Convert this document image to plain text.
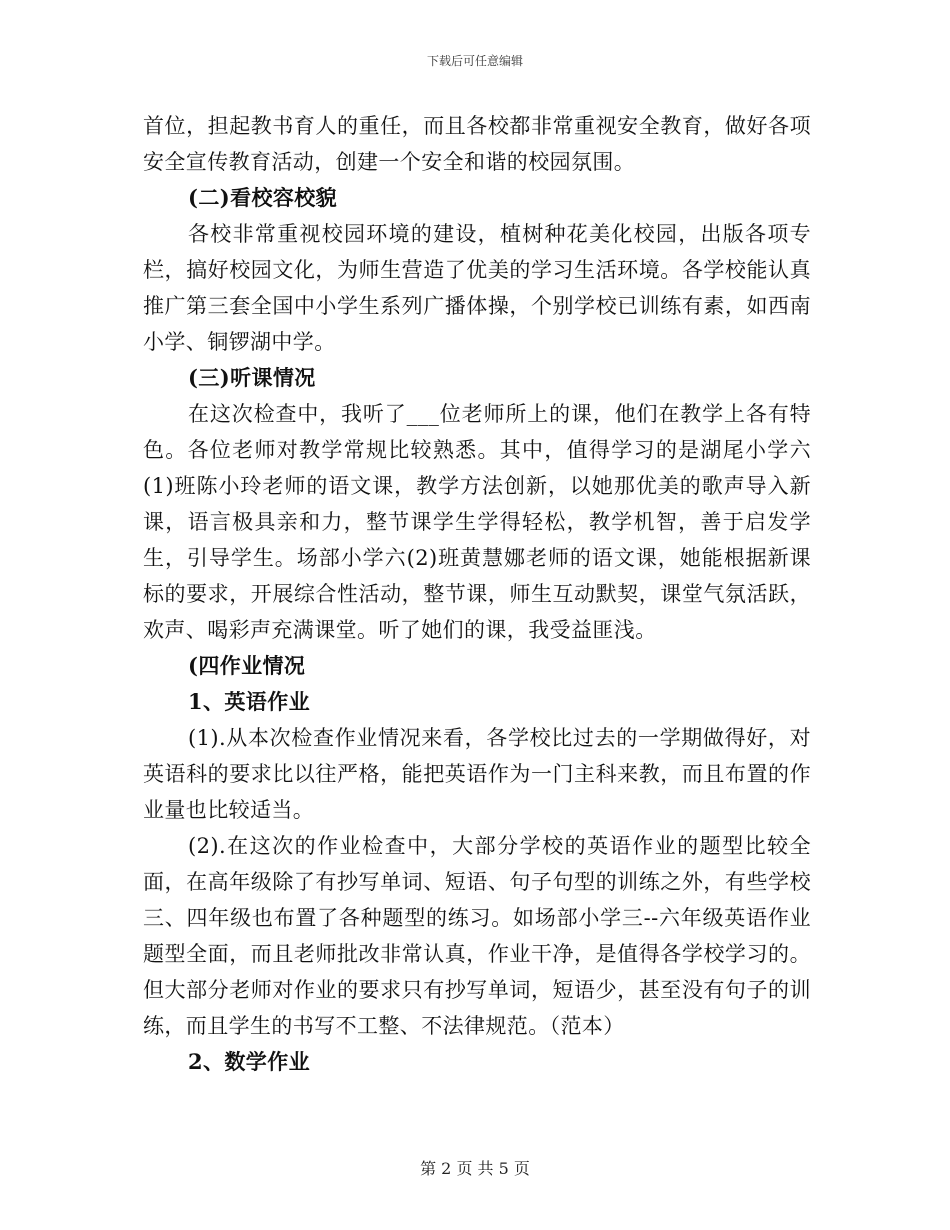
下载后可任意编辑

首位，担起教书育人的重任，而且各校都非常重视安全教育，做好各项安全宣传教育活动，创建一个安全和谐的校园氛围。

(二)看校容校貌

各校非常重视校园环境的建设，植树种花美化校园，出版各项专栏，搞好校园文化，为师生营造了优美的学习生活环境。各学校能认真推广第三套全国中小学生系列广播体操，个别学校已训练有素，如西南小学、铜锣湖中学。

(三)听课情况

在这次检查中，我听了___位老师所上的课，他们在教学上各有特色。各位老师对教学常规比较熟悉。其中，值得学习的是湖尾小学六(1)班陈小玲老师的语文课，教学方法创新，以她那优美的歌声导入新课，语言极具亲和力，整节课学生学得轻松，教学机智，善于启发学生，引导学生。场部小学六(2)班黄慧娜老师的语文课，她能根据新课标的要求，开展综合性活动，整节课，师生互动默契，课堂气氛活跃，欢声、喝彩声充满课堂。听了她们的课，我受益匪浅。

(四作业情况

1、英语作业

(1).从本次检查作业情况来看，各学校比过去的一学期做得好，对英语科的要求比以往严格，能把英语作为一门主科来教，而且布置的作业量也比较适当。

(2).在这次的作业检查中，大部分学校的英语作业的题型比较全面，在高年级除了有抄写单词、短语、句子句型的训练之外，有些学校三、四年级也布置了各种题型的练习。如场部小学三--六年级英语作业题型全面，而且老师批改非常认真，作业干净，是值得各学校学习的。但大部分老师对作业的要求只有抄写单词，短语少，甚至没有句子的训练，而且学生的书写不工整、不法律规范。（范本）

2、数学作业

第 2 页 共 5 页
